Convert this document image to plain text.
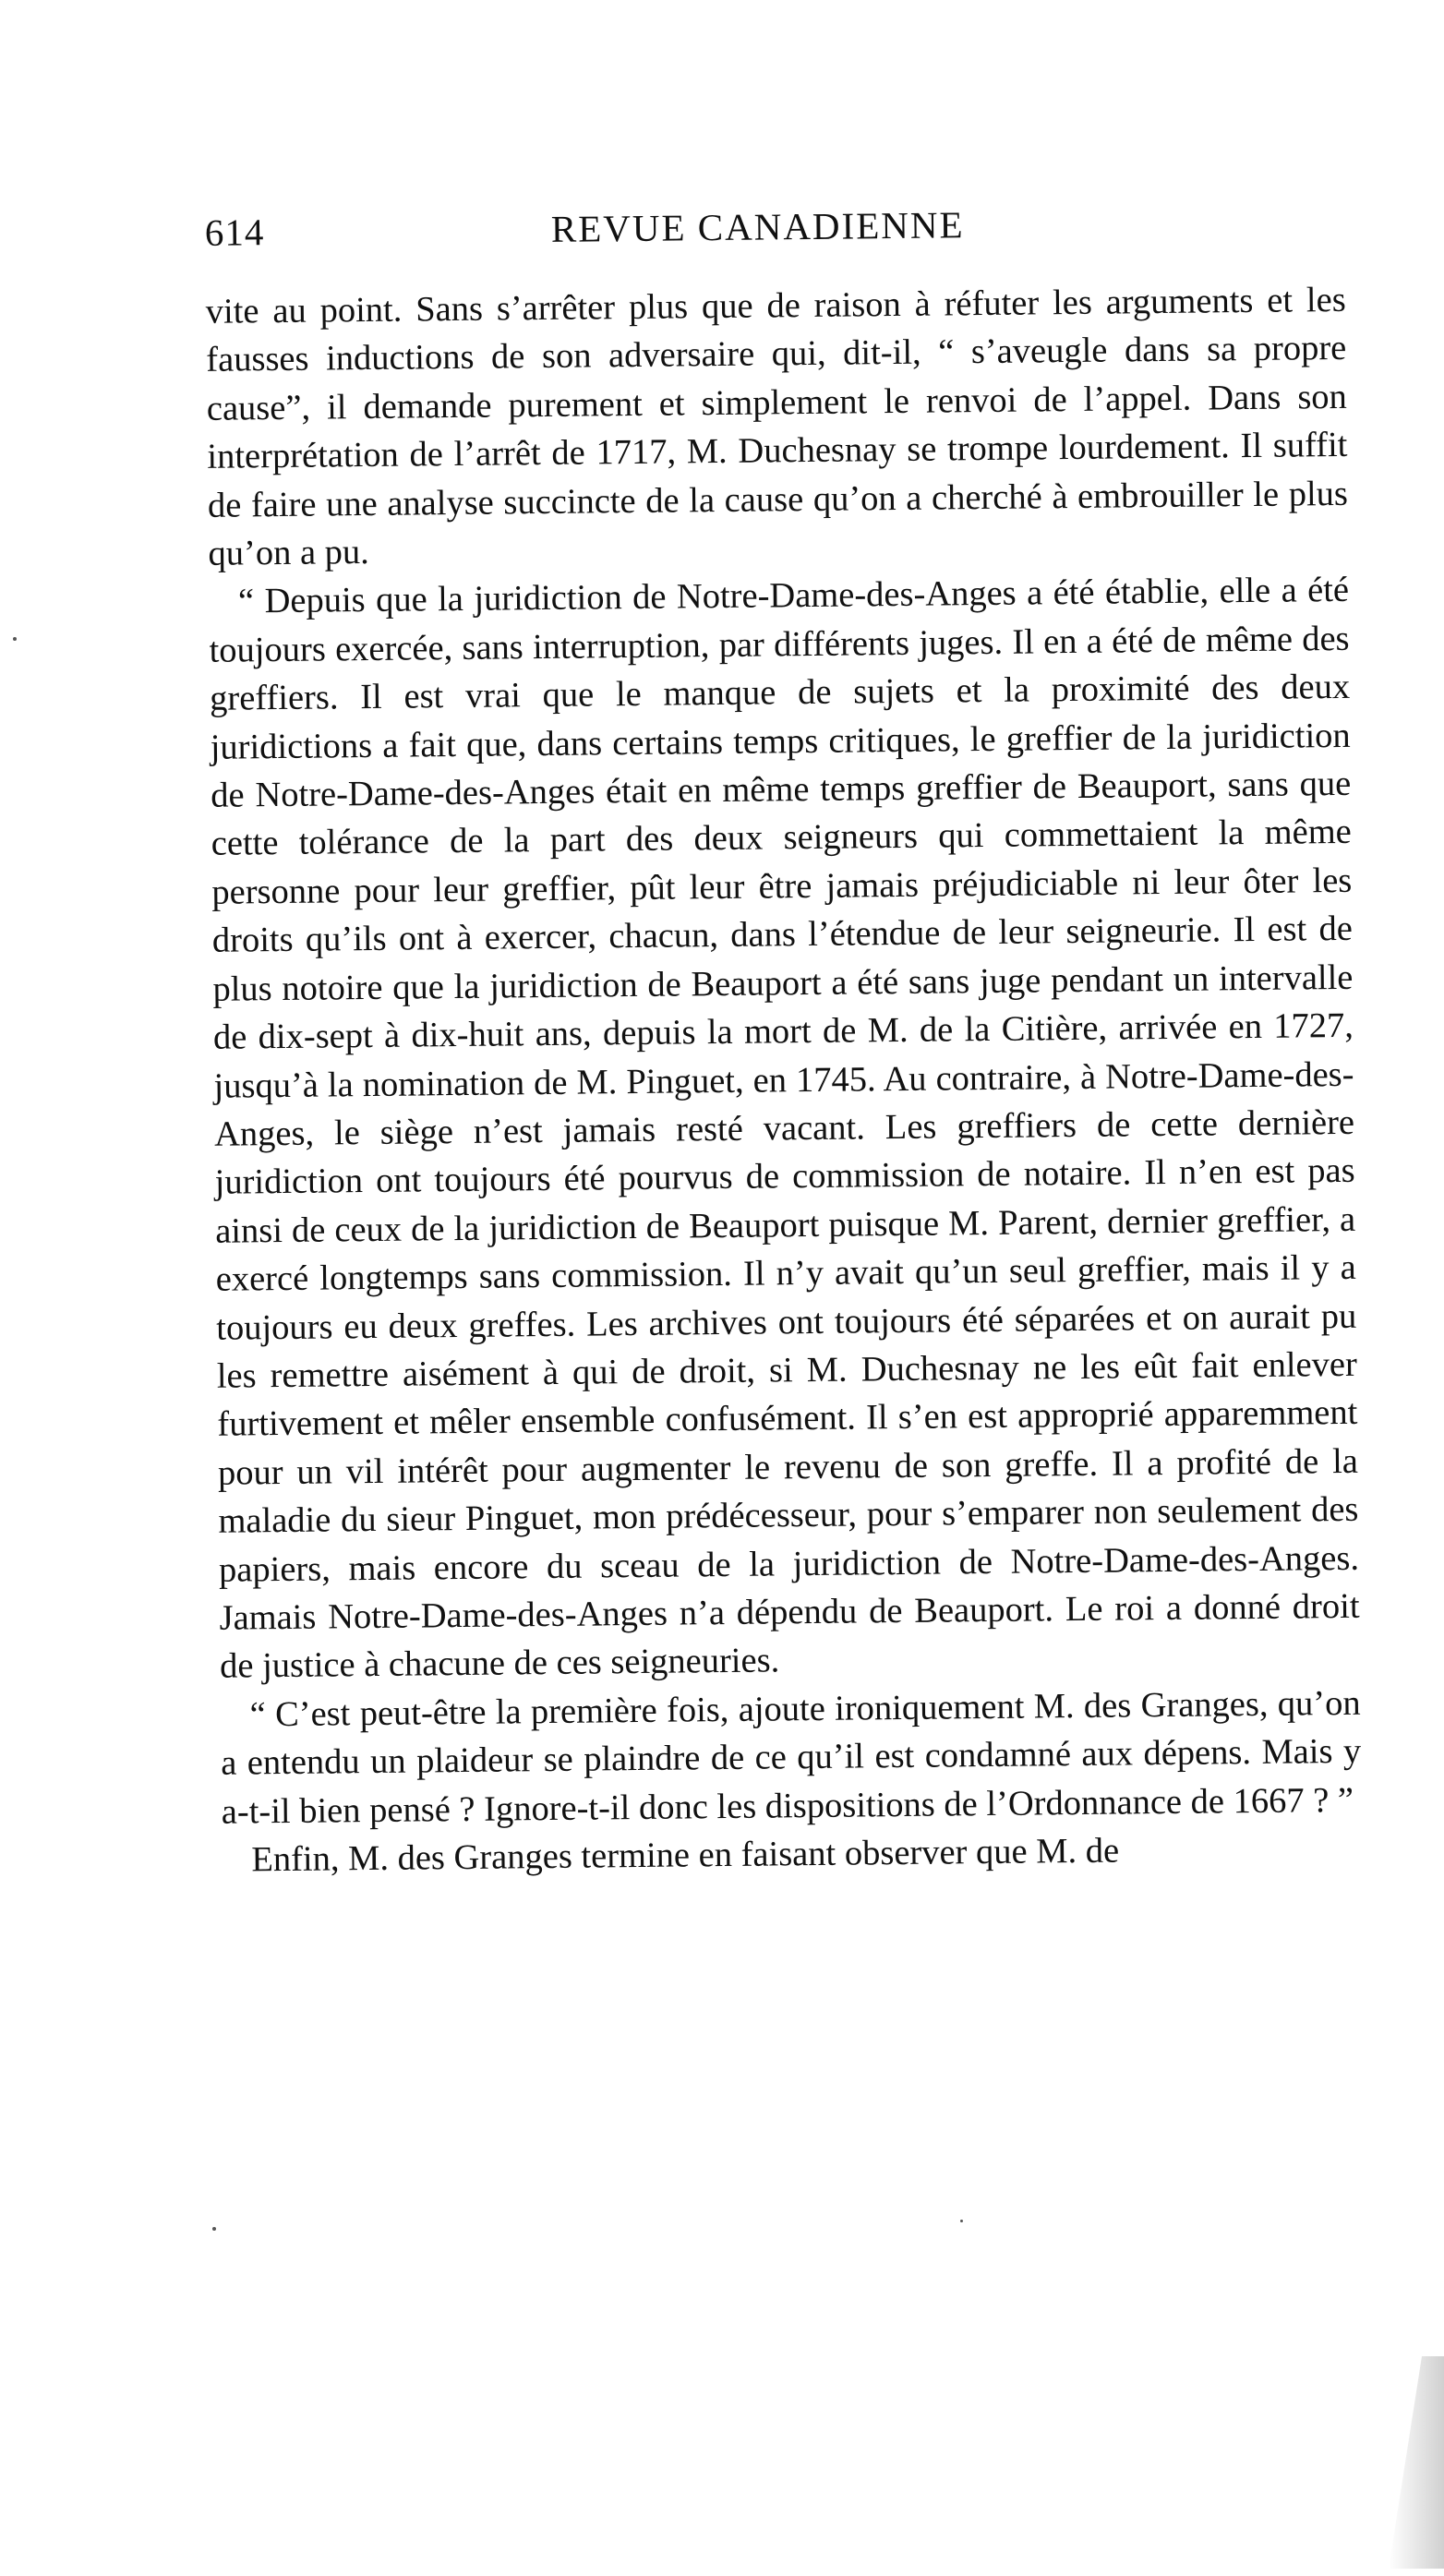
614	REVUE CANADIENNE

vite au point. Sans s’arrêter plus que de raison à réfuter les arguments et les fausses inductions de son adversaire qui, dit-il, “ s’aveugle dans sa propre cause”, il demande purement et simplement le renvoi de l’appel. Dans son interprétation de l’arrêt de 1717, M. Duchesnay se trompe lourdement. Il suffit de faire une analyse succincte de la cause qu’on a cherché à embrouiller le plus qu’on a pu.

“ Depuis que la juridiction de Notre-Dame-des-Anges a été établie, elle a été toujours exercée, sans interruption, par différents juges. Il en a été de même des greffiers. Il est vrai que le manque de sujets et la proximité des deux juridictions a fait que, dans certains temps critiques, le greffier de la juridiction de Notre-Dame-des-Anges était en même temps greffier de Beauport, sans que cette tolérance de la part des deux seigneurs qui commettaient la même personne pour leur greffier, pût leur être jamais préjudiciable ni leur ôter les droits qu’ils ont à exercer, chacun, dans l’étendue de leur seigneurie. Il est de plus notoire que la juridiction de Beauport a été sans juge pendant un intervalle de dix-sept à dix-huit ans, depuis la mort de M. de la Citière, arrivée en 1727, jusqu’à la nomination de M. Pinguet, en 1745. Au contraire, à Notre-Dame-des-Anges, le siège n’est jamais resté vacant. Les greffiers de cette dernière juridiction ont toujours été pourvus de commission de notaire. Il n’en est pas ainsi de ceux de la juridiction de Beauport puisque M. Parent, dernier greffier, a exercé longtemps sans commission. Il n’y avait qu’un seul greffier, mais il y a toujours eu deux greffes. Les archives ont toujours été séparées et on aurait pu les remettre aisément à qui de droit, si M. Duchesnay ne les eût fait enlever furtivement et mêler ensemble confusément. Il s’en est approprié apparemment pour un vil intérêt pour augmenter le revenu de son greffe. Il a profité de la maladie du sieur Pinguet, mon prédécesseur, pour s’emparer non seulement des papiers, mais encore du sceau de la juridiction de Notre-Dame-des-Anges. Jamais Notre-Dame-des-Anges n’a dépendu de Beauport. Le roi a donné droit de justice à chacune de ces seigneuries.

“ C’est peut-être la première fois, ajoute ironiquement M. des Granges, qu’on a entendu un plaideur se plaindre de ce qu’il est condamné aux dépens. Mais y a-t-il bien pensé ? Ignore-t-il donc les dispositions de l’Ordonnance de 1667 ? ”

Enfin, M. des Granges termine en faisant observer que M. de
